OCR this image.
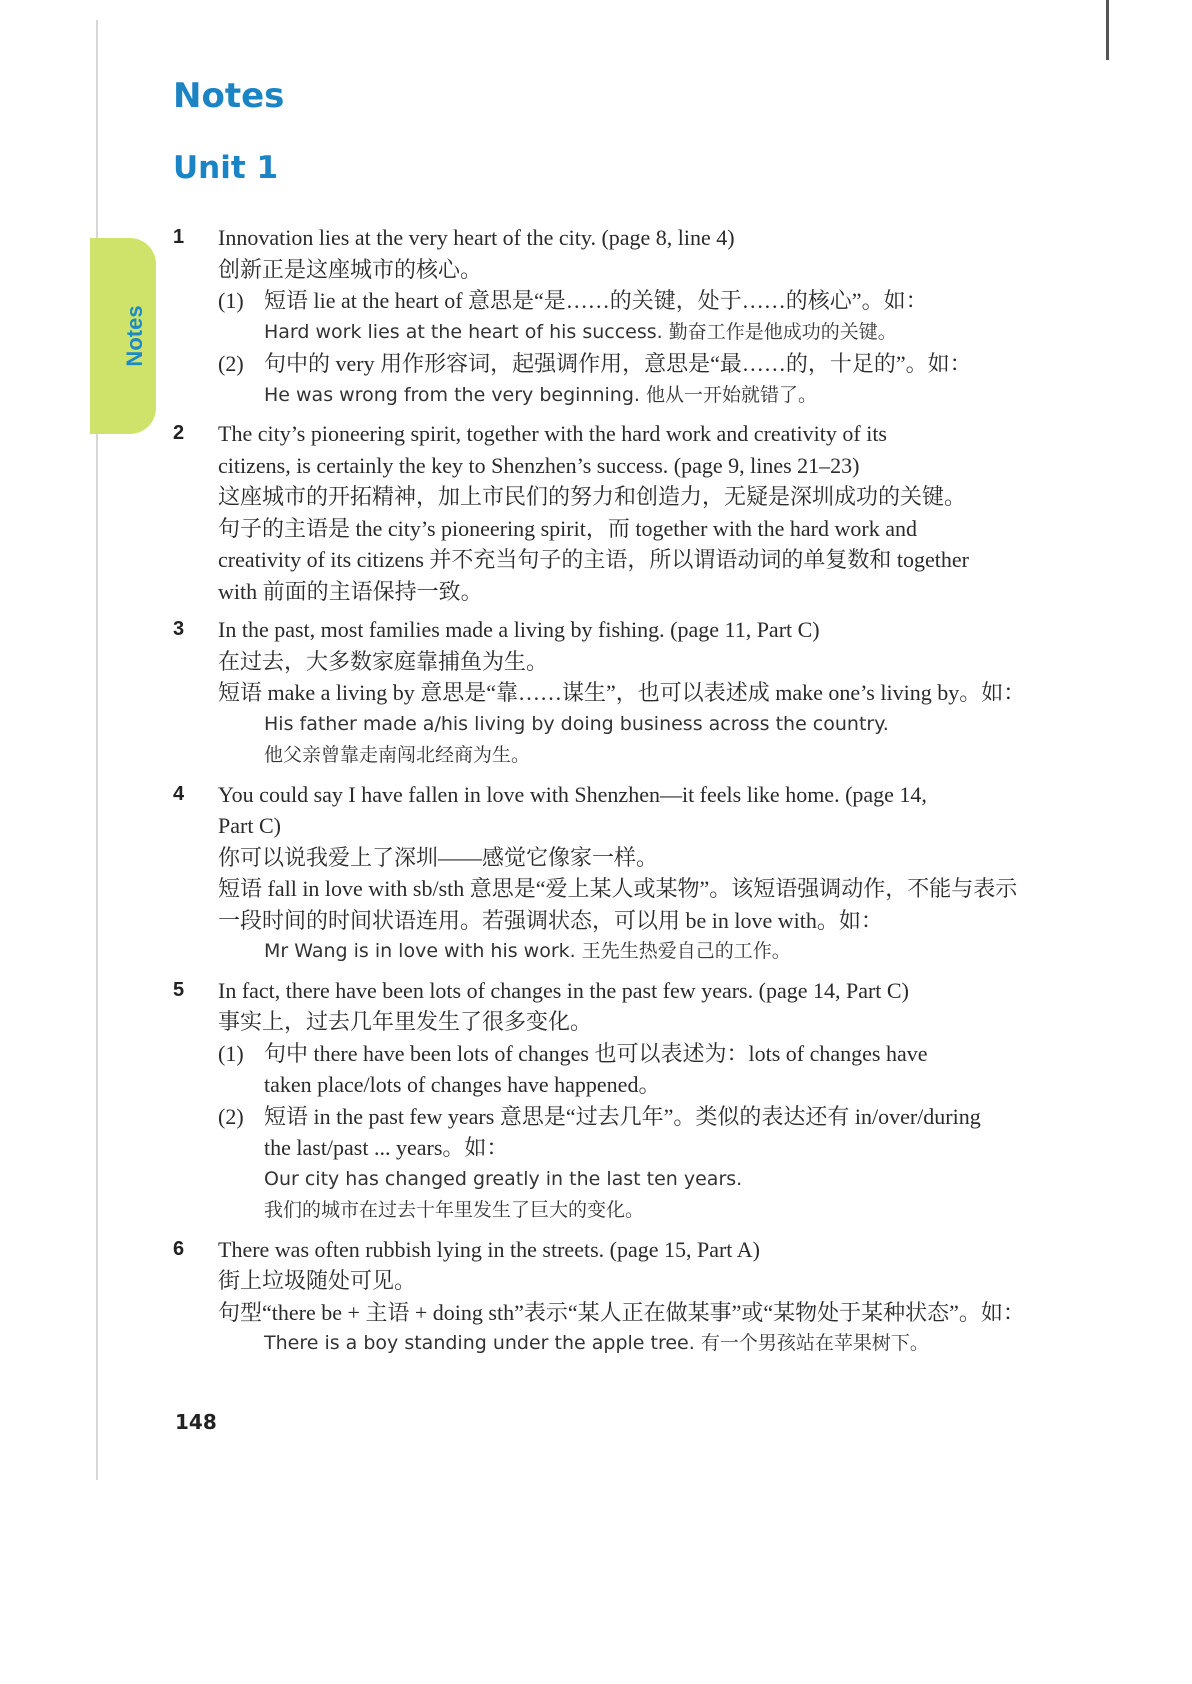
Notes
Notes
Unit 1
1 Innovation lies at the very heart of the city. (page 8, line 4)
创新正是这座城市的核心。
(1) 短语 lie at the heart of 意思是“是……的关键，处于……的核心”。如：
Hard work lies at the heart of his success. 勤奋工作是他成功的关键。
(2) 句中的 very 用作形容词，起强调作用，意思是“最……的，十足的”。如：
He was wrong from the very beginning. 他从一开始就错了。
2 The city’s pioneering spirit, together with the hard work and creativity of its
citizens, is certainly the key to Shenzhen’s success. (page 9, lines 21–23)
这座城市的开拓精神，加上市民们的努力和创造力，无疑是深圳成功的关键。
句子的主语是 the city’s pioneering spirit，而 together with the hard work and
creativity of its citizens 并不充当句子的主语，所以谓语动词的单复数和 together
with 前面的主语保持一致。
3 In the past, most families made a living by fishing. (page 11, Part C)
在过去，大多数家庭靠捕鱼为生。
短语 make a living by 意思是“靠……谋生”，也可以表述成 make one’s living by。如：
His father made a/his living by doing business across the country.
他父亲曾靠走南闯北经商为生。
4 You could say I have fallen in love with Shenzhen—it feels like home. (page 14,
Part C)
你可以说我爱上了深圳——感觉它像家一样。
短语 fall in love with sb/sth 意思是“爱上某人或某物”。该短语强调动作，不能与表示
一段时间的时间状语连用。若强调状态，可以用 be in love with。如：
Mr Wang is in love with his work. 王先生热爱自己的工作。
5 In fact, there have been lots of changes in the past few years. (page 14, Part C)
事实上，过去几年里发生了很多变化。
(1) 句中 there have been lots of changes 也可以表述为：lots of changes have
taken place/lots of changes have happened。
(2) 短语 in the past few years 意思是“过去几年”。类似的表达还有 in/over/during
the last/past ... years。如：
Our city has changed greatly in the last ten years.
我们的城市在过去十年里发生了巨大的变化。
6 There was often rubbish lying in the streets. (page 15, Part A)
街上垃圾随处可见。
句型“there be + 主语 + doing sth”表示“某人正在做某事”或“某物处于某种状态”。如：
There is a boy standing under the apple tree. 有一个男孩站在苹果树下。
148
